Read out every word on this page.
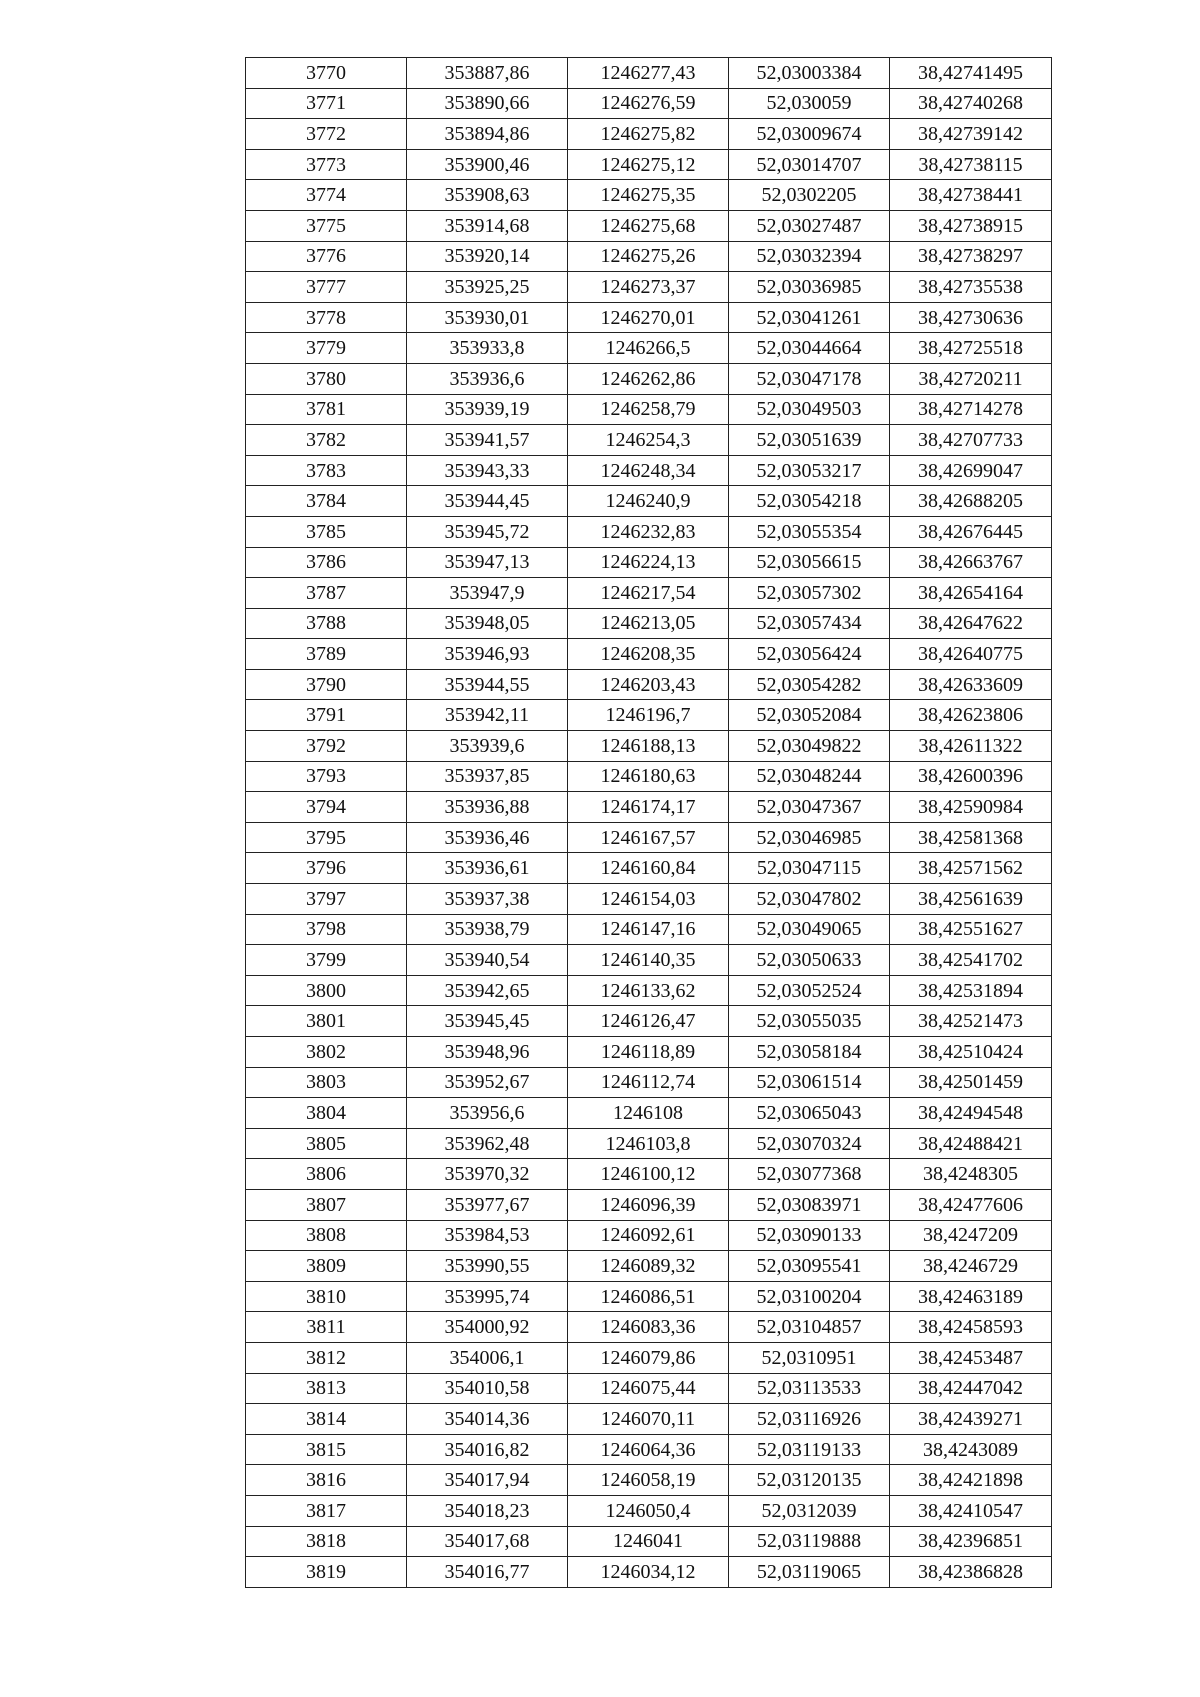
3770	353887,86	1246277,43	52,03003384	38,42741495
3771	353890,66	1246276,59	52,030059	38,42740268
3772	353894,86	1246275,82	52,03009674	38,42739142
3773	353900,46	1246275,12	52,03014707	38,42738115
3774	353908,63	1246275,35	52,0302205	38,42738441
3775	353914,68	1246275,68	52,03027487	38,42738915
3776	353920,14	1246275,26	52,03032394	38,42738297
3777	353925,25	1246273,37	52,03036985	38,42735538
3778	353930,01	1246270,01	52,03041261	38,42730636
3779	353933,8	1246266,5	52,03044664	38,42725518
3780	353936,6	1246262,86	52,03047178	38,42720211
3781	353939,19	1246258,79	52,03049503	38,42714278
3782	353941,57	1246254,3	52,03051639	38,42707733
3783	353943,33	1246248,34	52,03053217	38,42699047
3784	353944,45	1246240,9	52,03054218	38,42688205
3785	353945,72	1246232,83	52,03055354	38,42676445
3786	353947,13	1246224,13	52,03056615	38,42663767
3787	353947,9	1246217,54	52,03057302	38,42654164
3788	353948,05	1246213,05	52,03057434	38,42647622
3789	353946,93	1246208,35	52,03056424	38,42640775
3790	353944,55	1246203,43	52,03054282	38,42633609
3791	353942,11	1246196,7	52,03052084	38,42623806
3792	353939,6	1246188,13	52,03049822	38,42611322
3793	353937,85	1246180,63	52,03048244	38,42600396
3794	353936,88	1246174,17	52,03047367	38,42590984
3795	353936,46	1246167,57	52,03046985	38,42581368
3796	353936,61	1246160,84	52,03047115	38,42571562
3797	353937,38	1246154,03	52,03047802	38,42561639
3798	353938,79	1246147,16	52,03049065	38,42551627
3799	353940,54	1246140,35	52,03050633	38,42541702
3800	353942,65	1246133,62	52,03052524	38,42531894
3801	353945,45	1246126,47	52,03055035	38,42521473
3802	353948,96	1246118,89	52,03058184	38,42510424
3803	353952,67	1246112,74	52,03061514	38,42501459
3804	353956,6	1246108	52,03065043	38,42494548
3805	353962,48	1246103,8	52,03070324	38,42488421
3806	353970,32	1246100,12	52,03077368	38,4248305
3807	353977,67	1246096,39	52,03083971	38,42477606
3808	353984,53	1246092,61	52,03090133	38,4247209
3809	353990,55	1246089,32	52,03095541	38,4246729
3810	353995,74	1246086,51	52,03100204	38,42463189
3811	354000,92	1246083,36	52,03104857	38,42458593
3812	354006,1	1246079,86	52,0310951	38,42453487
3813	354010,58	1246075,44	52,03113533	38,42447042
3814	354014,36	1246070,11	52,03116926	38,42439271
3815	354016,82	1246064,36	52,03119133	38,4243089
3816	354017,94	1246058,19	52,03120135	38,42421898
3817	354018,23	1246050,4	52,0312039	38,42410547
3818	354017,68	1246041	52,03119888	38,42396851
3819	354016,77	1246034,12	52,03119065	38,42386828
